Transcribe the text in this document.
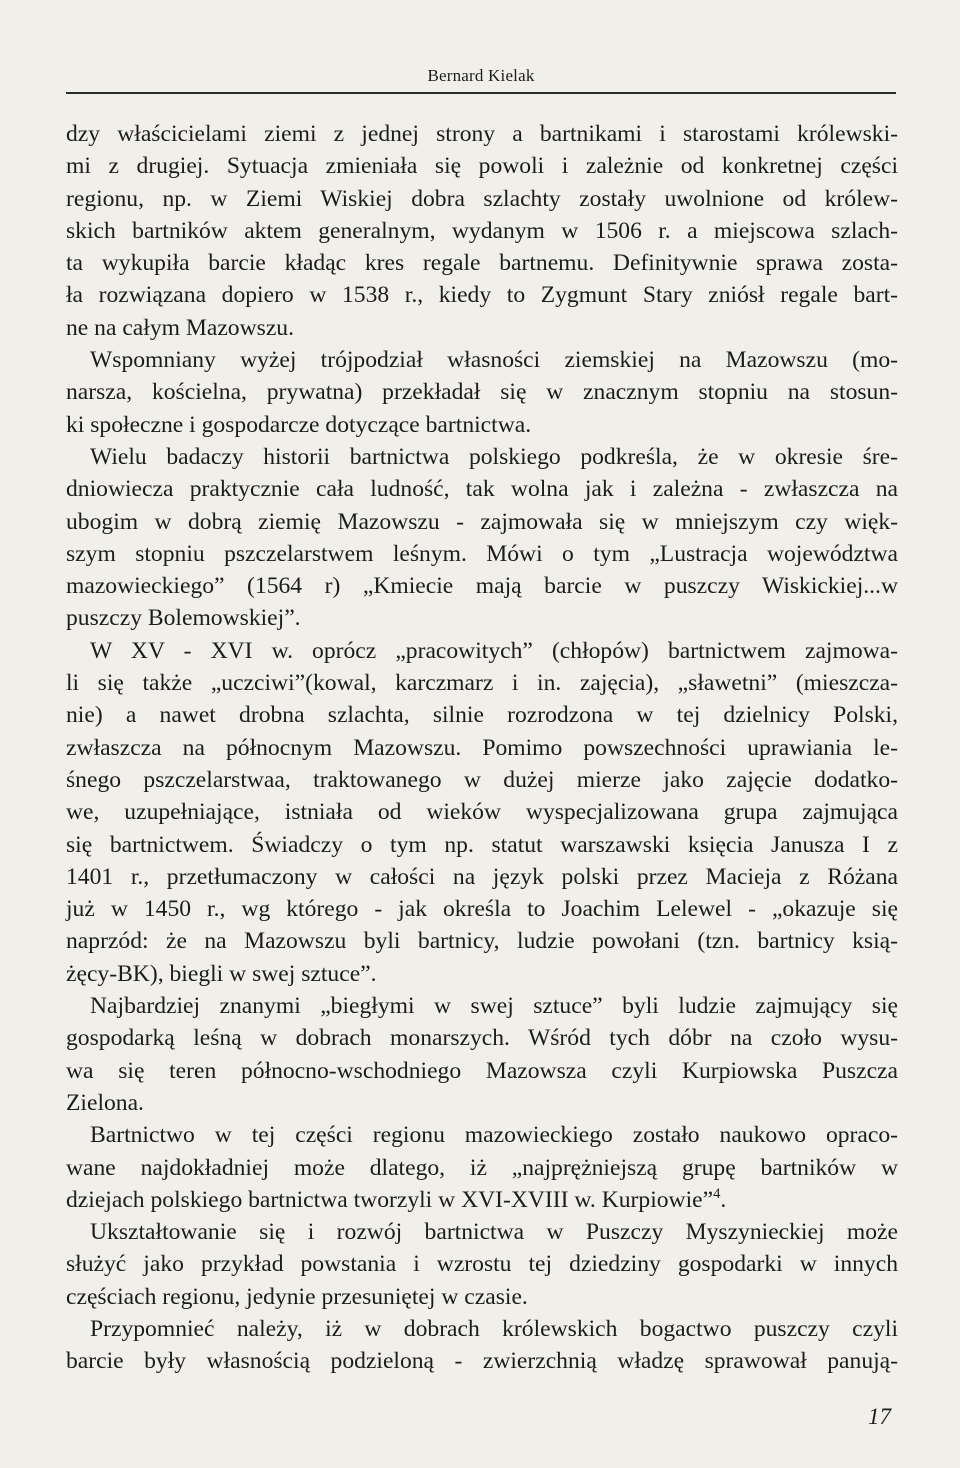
Bernard Kielak
dzy właścicielami ziemi z jednej strony a bartnikami i starostami królewski-
mi z drugiej. Sytuacja zmieniała się powoli i zależnie od konkretnej części
regionu, np. w Ziemi Wiskiej dobra szlachty zostały uwolnione od królew-
skich bartników aktem generalnym, wydanym w 1506 r. a miejscowa szlach-
ta wykupiła barcie kładąc kres regale bartnemu. Definitywnie sprawa zosta-
ła rozwiązana dopiero w 1538 r., kiedy to Zygmunt Stary zniósł regale bart-
ne na całym Mazowszu.
Wspomniany wyżej trójpodział własności ziemskiej na Mazowszu (mo-
narsza, kościelna, prywatna) przekładał się w znacznym stopniu na stosun-
ki społeczne i gospodarcze dotyczące bartnictwa.
Wielu badaczy historii bartnictwa polskiego podkreśla, że w okresie śre-
dniowiecza praktycznie cała ludność, tak wolna jak i zależna - zwłaszcza na
ubogim w dobrą ziemię Mazowszu - zajmowała się w mniejszym czy więk-
szym stopniu pszczelarstwem leśnym. Mówi o tym „Lustracja województwa
mazowieckiego” (1564 r) „Kmiecie mają barcie w puszczy Wiskickiej...w
puszczy Bolemowskiej”.
W XV - XVI w. oprócz „pracowitych” (chłopów) bartnictwem zajmowa-
li się także „uczciwi”(kowal, karczmarz i in. zajęcia), „sławetni” (mieszcza-
nie) a nawet drobna szlachta, silnie rozrodzona w tej dzielnicy Polski,
zwłaszcza na północnym Mazowszu. Pomimo powszechności uprawiania le-
śnego pszczelarstwaa, traktowanego w dużej mierze jako zajęcie dodatko-
we, uzupełniające, istniała od wieków wyspecjalizowana grupa zajmująca
się bartnictwem. Świadczy o tym np. statut warszawski księcia Janusza I z
1401 r., przetłumaczony w całości na język polski przez Macieja z Różana
już w 1450 r., wg którego - jak określa to Joachim Lelewel - „okazuje się
naprzód: że na Mazowszu byli bartnicy, ludzie powołani (tzn. bartnicy ksią-
żęcy-BK), biegli w swej sztuce”.
Najbardziej znanymi „biegłymi w swej sztuce” byli ludzie zajmujący się
gospodarką leśną w dobrach monarszych. Wśród tych dóbr na czoło wysu-
wa się teren północno-wschodniego Mazowsza czyli Kurpiowska Puszcza
Zielona.
Bartnictwo w tej części regionu mazowieckiego zostało naukowo opraco-
wane najdokładniej może dlatego, iż „najprężniejszą grupę bartników w
dziejach polskiego bartnictwa tworzyli w XVI-XVIII w. Kurpiowie”$^4$.
Ukształtowanie się i rozwój bartnictwa w Puszczy Myszynieckiej może
służyć jako przykład powstania i wzrostu tej dziedziny gospodarki w innych
częściach regionu, jedynie przesuniętej w czasie.
Przypomnieć należy, iż w dobrach królewskich bogactwo puszczy czyli
barcie były własnością podzieloną - zwierzchnią władzę sprawował panują-
17
